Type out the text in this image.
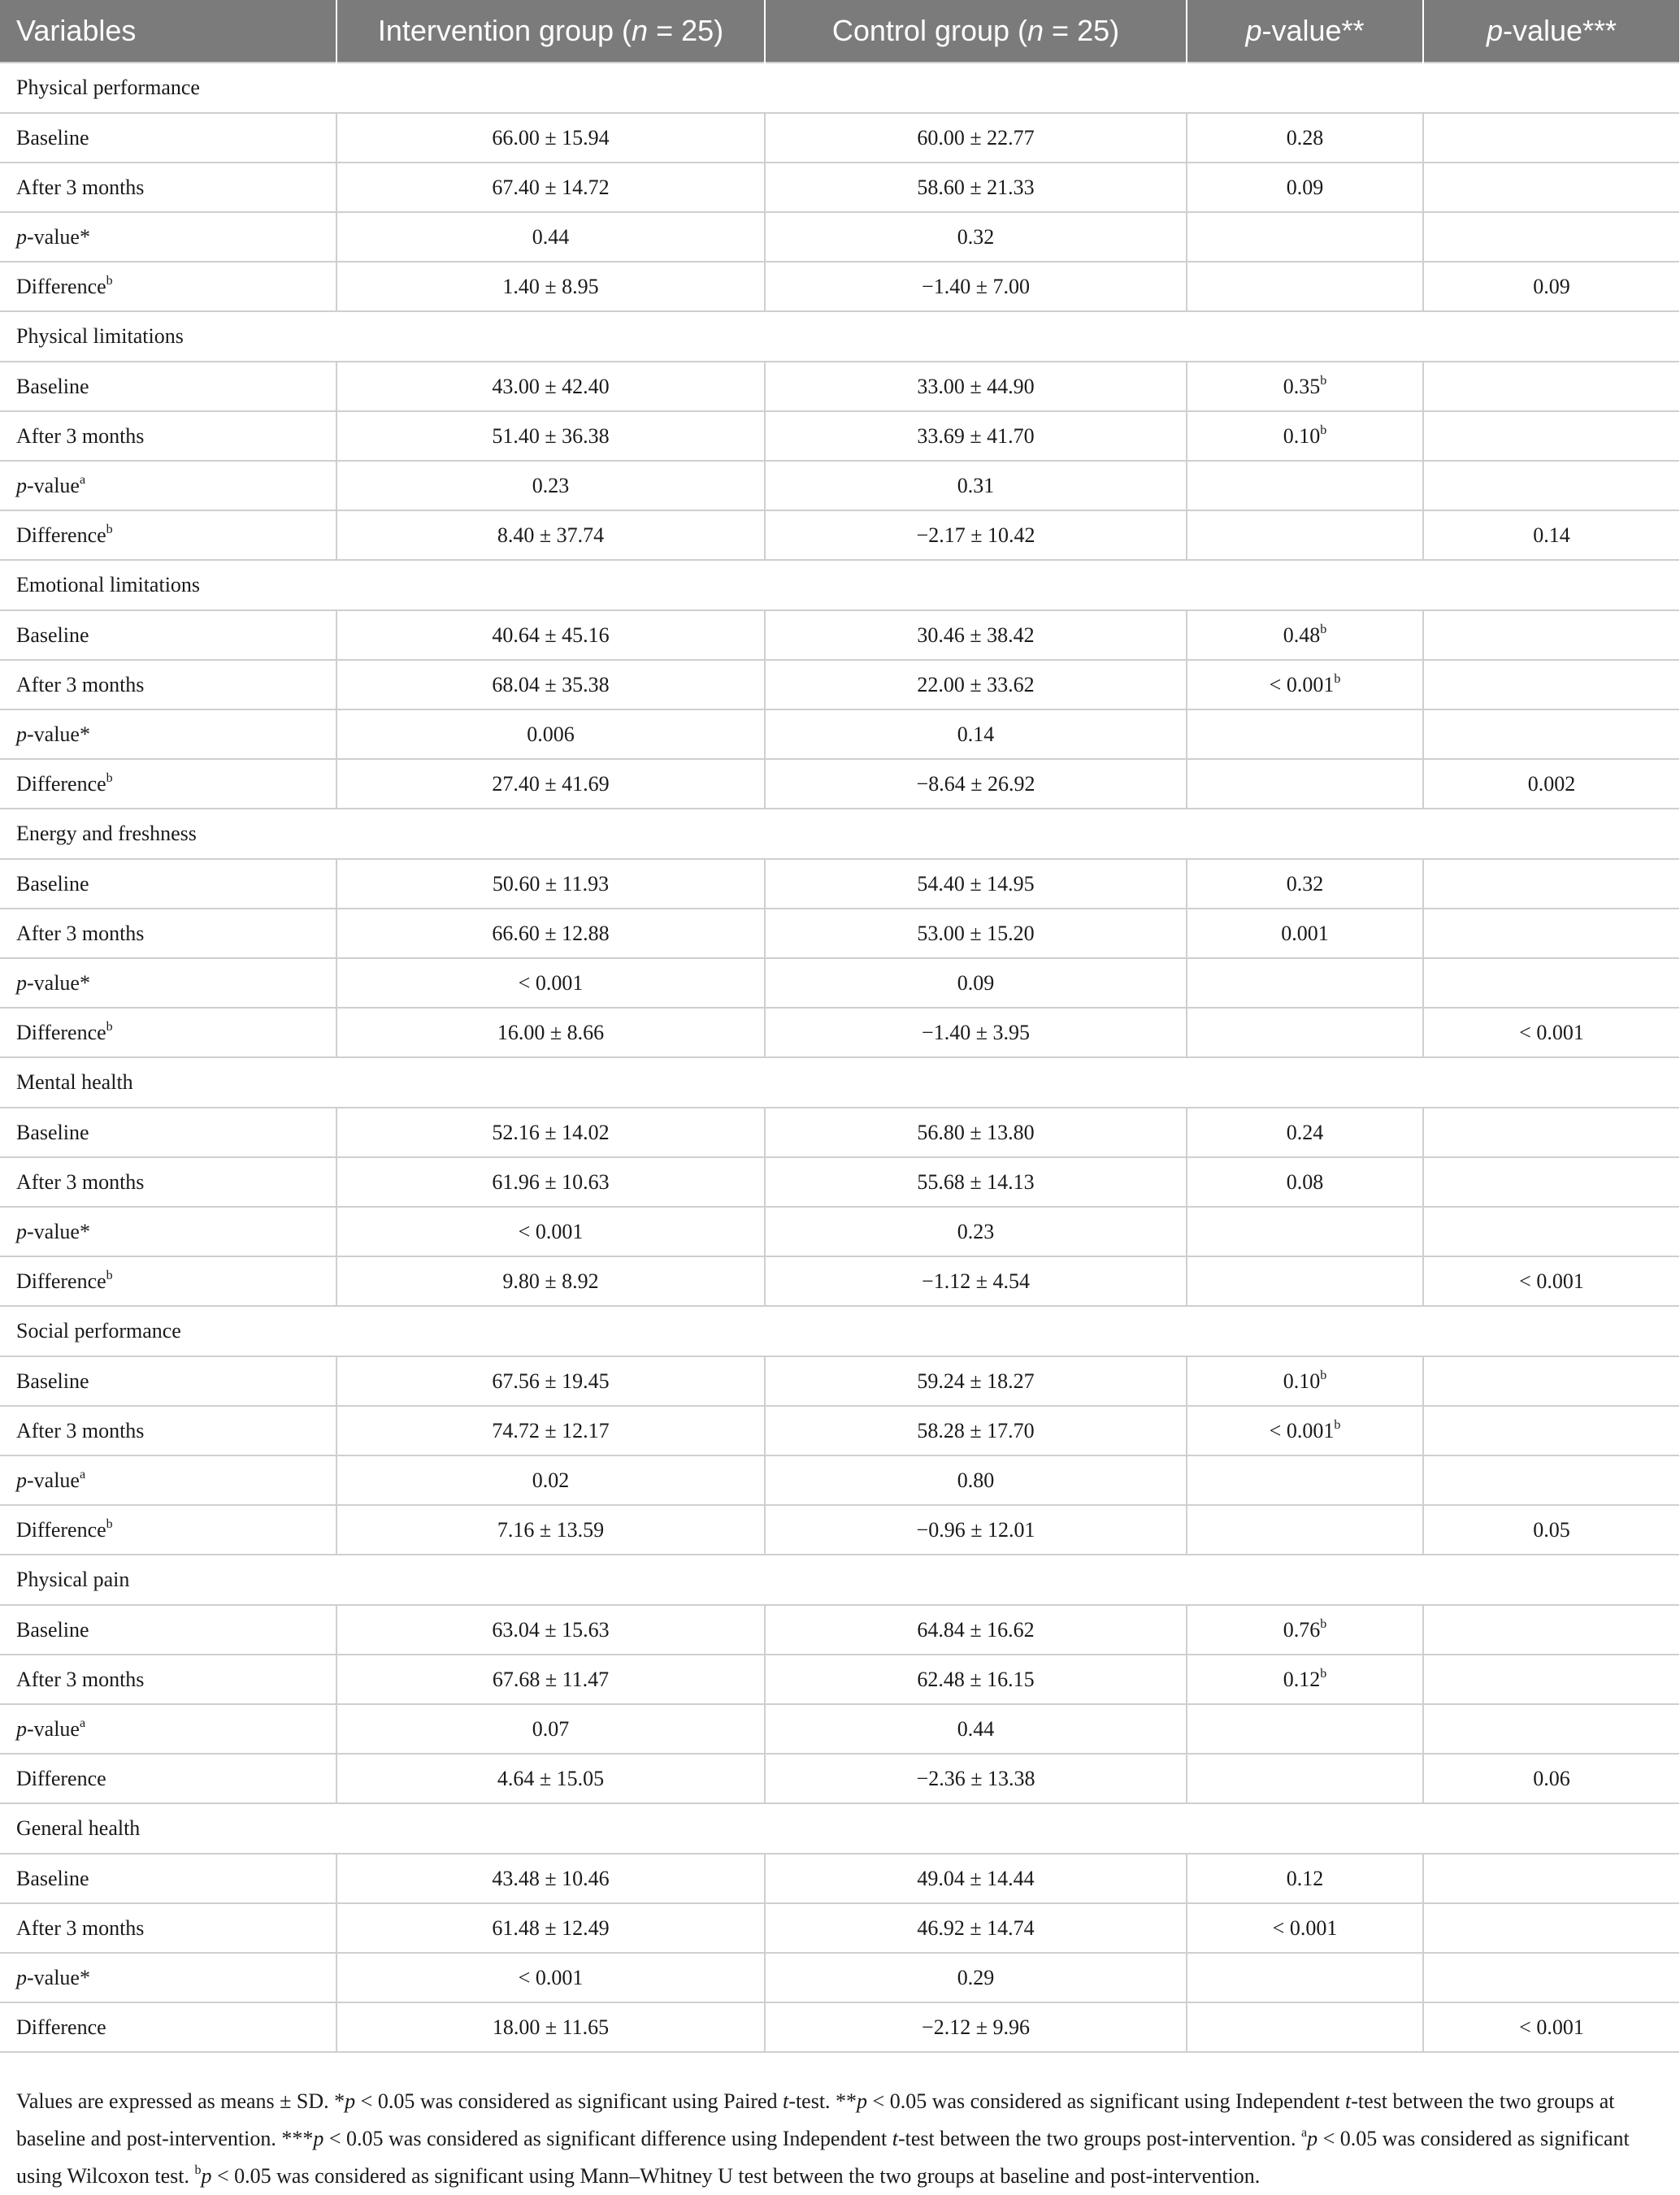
Variables	Intervention group (n = 25)	Control group (n = 25)	p-value**	p-value***
Physical performance				
Baseline	66.00 ± 15.94	60.00 ± 22.77	0.28	
After 3 months	67.40 ± 14.72	58.60 ± 21.33	0.09	
p-value*	0.44	0.32		
Difference$^b$	1.40 ± 8.95	−1.40 ± 7.00		0.09
Physical limitations				
Baseline	43.00 ± 42.40	33.00 ± 44.90	0.35$^b$	
After 3 months	51.40 ± 36.38	33.69 ± 41.70	0.10$^b$	
p-value$^a$	0.23	0.31		
Difference$^b$	8.40 ± 37.74	−2.17 ± 10.42		0.14
Emotional limitations				
Baseline	40.64 ± 45.16	30.46 ± 38.42	0.48$^b$	
After 3 months	68.04 ± 35.38	22.00 ± 33.62	< 0.001$^b$	
p-value*	0.006	0.14		
Difference$^b$	27.40 ± 41.69	−8.64 ± 26.92		0.002
Energy and freshness				
Baseline	50.60 ± 11.93	54.40 ± 14.95	0.32	
After 3 months	66.60 ± 12.88	53.00 ± 15.20	0.001	
p-value*	< 0.001	0.09		
Difference$^b$	16.00 ± 8.66	−1.40 ± 3.95		< 0.001
Mental health				
Baseline	52.16 ± 14.02	56.80 ± 13.80	0.24	
After 3 months	61.96 ± 10.63	55.68 ± 14.13	0.08	
p-value*	< 0.001	0.23		
Difference$^b$	9.80 ± 8.92	−1.12 ± 4.54		< 0.001
Social performance				
Baseline	67.56 ± 19.45	59.24 ± 18.27	0.10$^b$	
After 3 months	74.72 ± 12.17	58.28 ± 17.70	< 0.001$^b$	
p-value$^a$	0.02	0.80		
Difference$^b$	7.16 ± 13.59	−0.96 ± 12.01		0.05
Physical pain				
Baseline	63.04 ± 15.63	64.84 ± 16.62	0.76$^b$	
After 3 months	67.68 ± 11.47	62.48 ± 16.15	0.12$^b$	
p-value$^a$	0.07	0.44		
Difference	4.64 ± 15.05	−2.36 ± 13.38		0.06
General health				
Baseline	43.48 ± 10.46	49.04 ± 14.44	0.12	
After 3 months	61.48 ± 12.49	46.92 ± 14.74	< 0.001	
p-value*	< 0.001	0.29		
Difference	18.00 ± 11.65	−2.12 ± 9.96		< 0.001
Values are expressed as means ± SD. *p < 0.05 was considered as significant using Paired t-test. **p < 0.05 was considered as significant using Independent t-test between the two groups at baseline and post-intervention. ***p < 0.05 was considered as significant difference using Independent t-test between the two groups post-intervention. $^a$p < 0.05 was considered as significant using Wilcoxon test. $^b$p < 0.05 was considered as significant using Mann–Whitney U test between the two groups at baseline and post-intervention.
